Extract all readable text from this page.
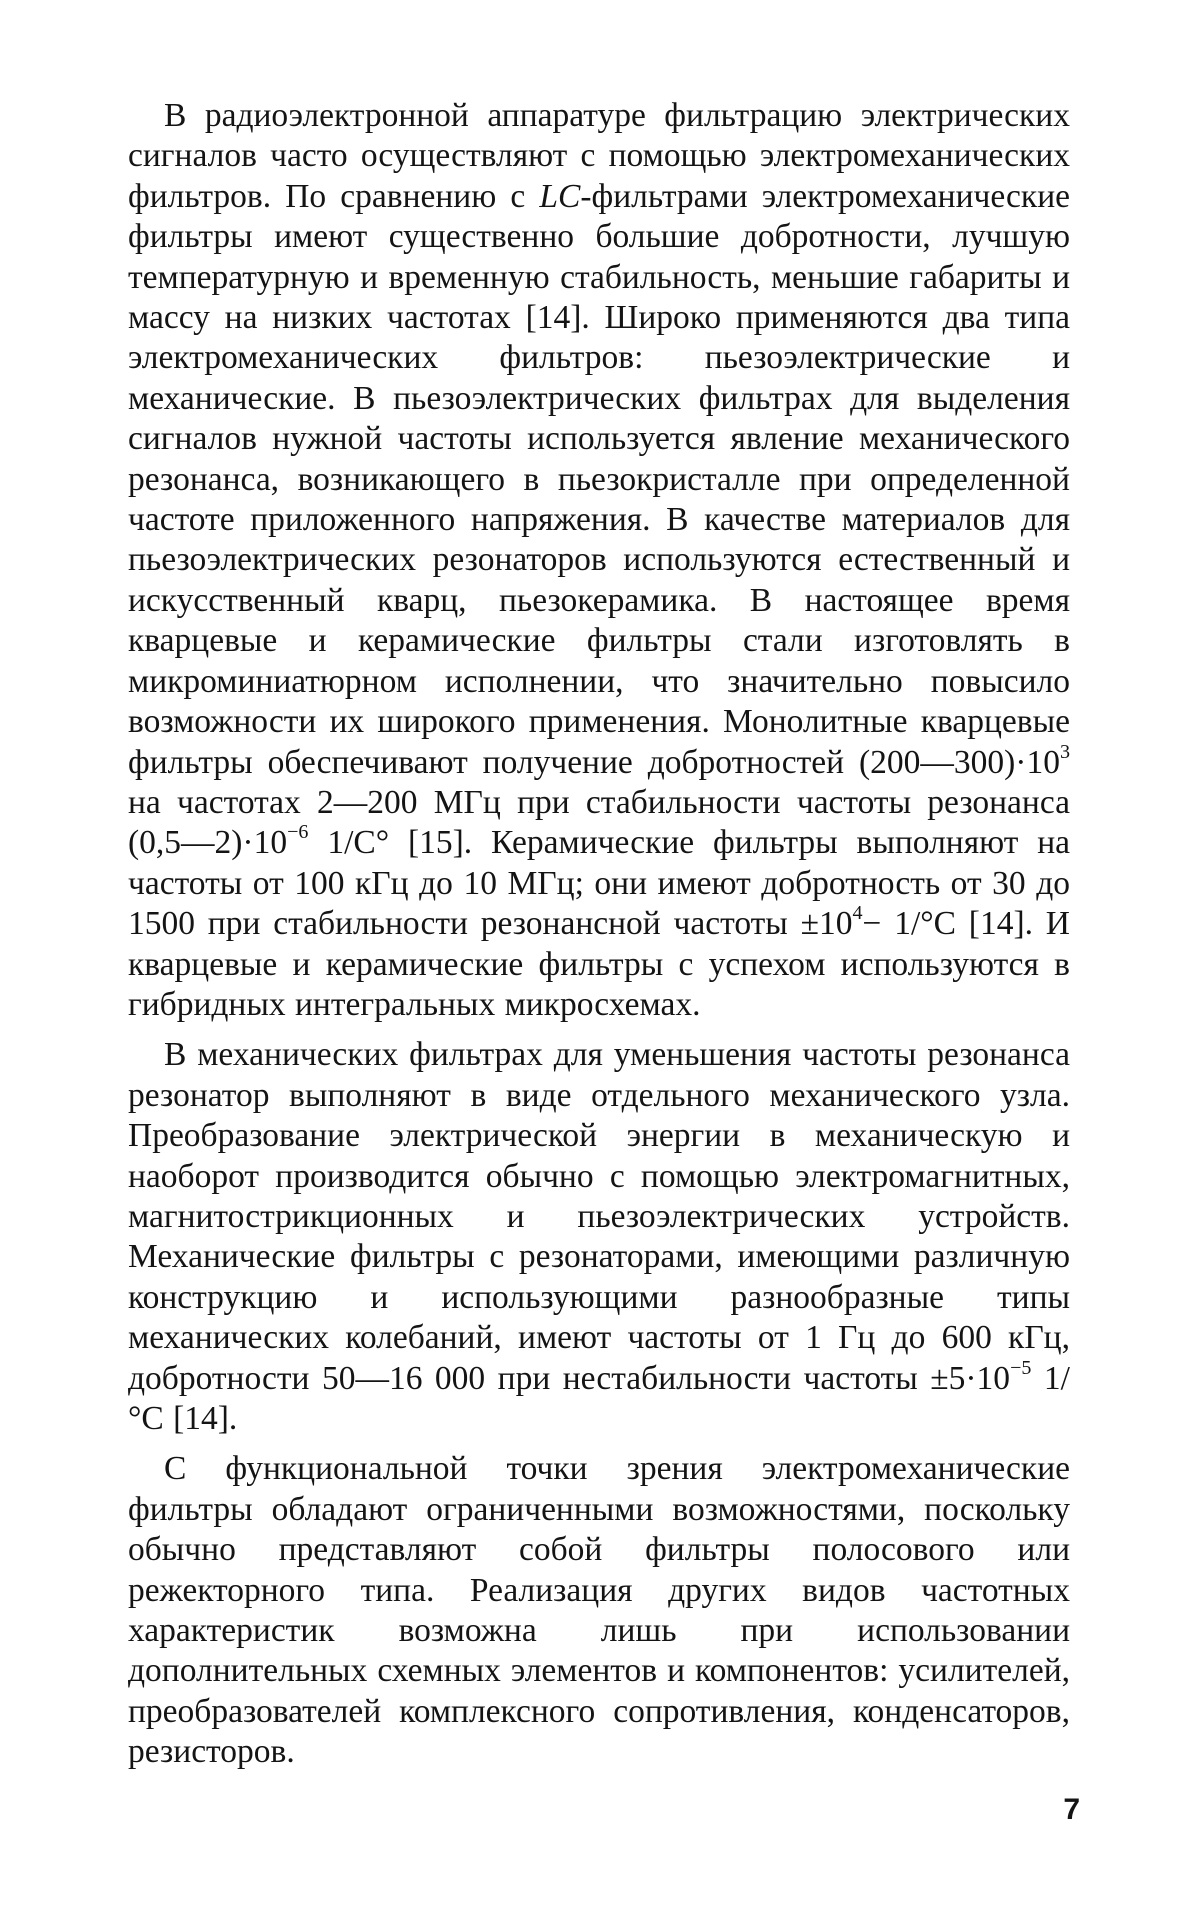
В радиоэлектронной аппаратуре фильтрацию электрических сигналов часто осуществляют с помощью электромеханических фильтров. По сравнению с LC-фильтрами электромеханические фильтры имеют существенно большие добротности, лучшую температурную и временную стабильность, меньшие габариты и массу на низких частотах [14]. Широко применяются два типа электромеханических фильтров: пьезоэлектрические и механические. В пьезоэлектрических фильтрах для выделения сигналов нужной частоты используется явление механического резонанса, возникающего в пьезокристалле при определенной частоте приложенного напряжения. В качестве материалов для пьезоэлектрических резонаторов используются естественный и искусственный кварц, пьезокерамика. В настоящее время кварцевые и керамические фильтры стали изготовлять в микроминиатюрном исполнении, что значительно повысило возможности их широкого применения. Монолитные кварцевые фильтры обеспечивают получение добротностей $(200—300)\cdot 10^3$ на частотах 2—200 МГц при стабильности частоты резонанса $(0,5—2)\cdot 10^{-6}$ 1/С° [15]. Керамические фильтры выполняют на частоты от 100 кГц до 10 МГц; они имеют добротность от 30 до 1500 при стабильности резонансной частоты $\pm 10^4- 1/^\circ С$ [14]. И кварцевые и керамические фильтры с успехом используются в гибридных интегральных микросхемах.

В механических фильтрах для уменьшения частоты резонанса резонатор выполняют в виде отдельного механического узла. Преобразование электрической энергии в механическую и наоборот производится обычно с помощью электромагнитных, магнитострикционных и пьезоэлектрических устройств. Механические фильтры с резонаторами, имеющими различную конструкцию и использующими разнообразные типы механических колебаний, имеют частоты от 1 Гц до 600 кГц, добротности 50—16 000 при нестабильности частоты $\pm 5\cdot 10^{-5}$ 1/°С [14].

С функциональной точки зрения электромеханические фильтры обладают ограниченными возможностями, поскольку обычно представляют собой фильтры полосового или режекторного типа. Реализация других видов частотных характеристик возможна лишь при использовании дополнительных схемных элементов и компонентов: усилителей, преобразователей комплексного сопротивления, конденсаторов, резисторов.

7
